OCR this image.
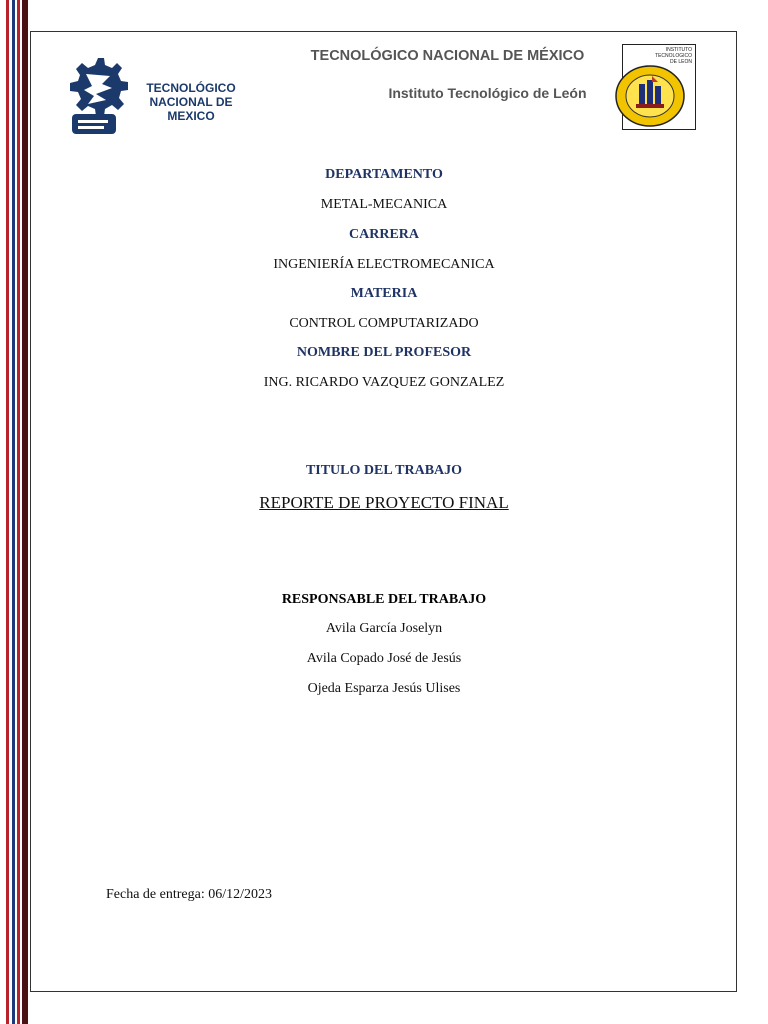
TECNOLÓGICO
NACIONAL DE MEXICO
TECNOLÓGICO NACIONAL DE MÉXICO
Instituto Tecnológico de León
INSTITUTO
TECNOLOGICO
DE LEON
DEPARTAMENTO
METAL-MECANICA
CARRERA
INGENIERÍA ELECTROMECANICA
MATERIA
CONTROL COMPUTARIZADO
NOMBRE DEL PROFESOR
ING. RICARDO VAZQUEZ GONZALEZ
TITULO DEL TRABAJO
REPORTE DE PROYECTO FINAL
RESPONSABLE DEL TRABAJO
Avila García Joselyn
Avila Copado José de Jesús
Ojeda Esparza Jesús Ulises
Fecha de entrega: 06/12/2023
